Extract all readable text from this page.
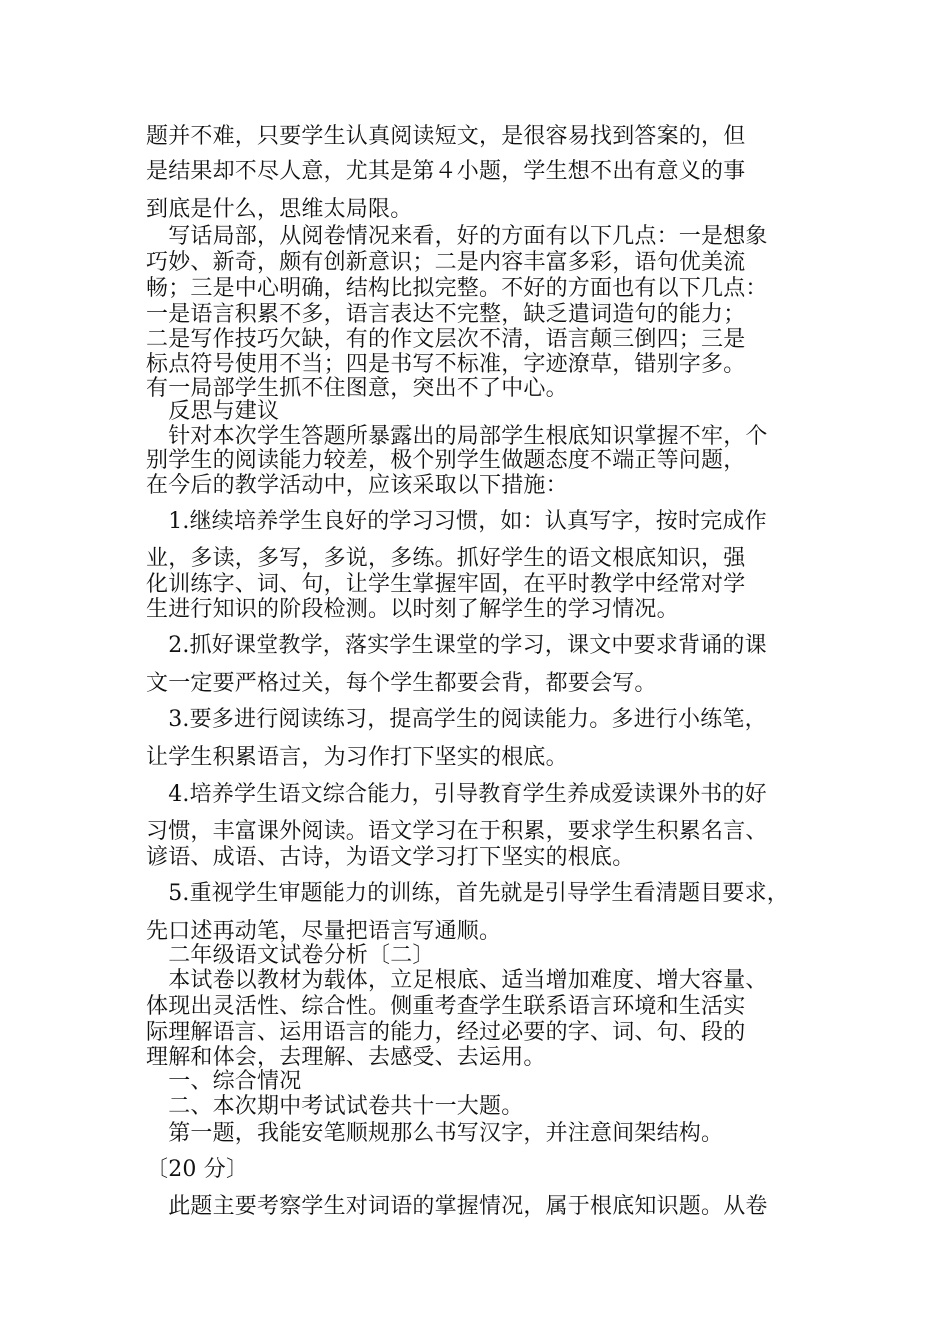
题并不难，只要学生认真阅读短文，是很容易找到答案的，但
是结果却不尽人意，尤其是第４小题，学生想不出有意义的事
到底是什么，思维太局限。
　写话局部，从阅卷情况来看，好的方面有以下几点：一是想象
巧妙、新奇，颇有创新意识；二是内容丰富多彩，语句优美流
畅；三是中心明确，结构比拟完整。不好的方面也有以下几点：
一是语言积累不多，语言表达不完整，缺乏遣词造句的能力；
二是写作技巧欠缺，有的作文层次不清，语言颠三倒四；三是
标点符号使用不当；四是书写不标准，字迹潦草，错别字多。
有一局部学生抓不住图意，突出不了中心。
　反思与建议
　针对本次学生答题所暴露出的局部学生根底知识掌握不牢，个
别学生的阅读能力较差，极个别学生做题态度不端正等问题，
在今后的教学活动中，应该采取以下措施：
　1.继续培养学生良好的学习习惯，如：认真写字，按时完成作
业，多读，多写，多说，多练。抓好学生的语文根底知识，强
化训练字、词、句，让学生掌握牢固，在平时教学中经常对学
生进行知识的阶段检测。以时刻了解学生的学习情况。
　2.抓好课堂教学，落实学生课堂的学习，课文中要求背诵的课
文一定要严格过关，每个学生都要会背，都要会写。
　3.要多进行阅读练习，提高学生的阅读能力。多进行小练笔，
让学生积累语言，为习作打下坚实的根底。
　4.培养学生语文综合能力，引导教育学生养成爱读课外书的好
习惯，丰富课外阅读。语文学习在于积累，要求学生积累名言、
谚语、成语、古诗，为语文学习打下坚实的根底。
　5.重视学生审题能力的训练，首先就是引导学生看清题目要求，
先口述再动笔，尽量把语言写通顺。
　二年级语文试卷分析〔二〕
　本试卷以教材为载体，立足根底、适当增加难度、增大容量、
体现出灵活性、综合性。侧重考查学生联系语言环境和生活实
际理解语言、运用语言的能力，经过必要的字、词、句、段的
理解和体会，去理解、去感受、去运用。
　一、综合情况
　二、本次期中考试试卷共十一大题。
　第一题，我能安笔顺规那么书写汉字，并注意间架结构。
〔20 分〕
　此题主要考察学生对词语的掌握情况，属于根底知识题。从卷
